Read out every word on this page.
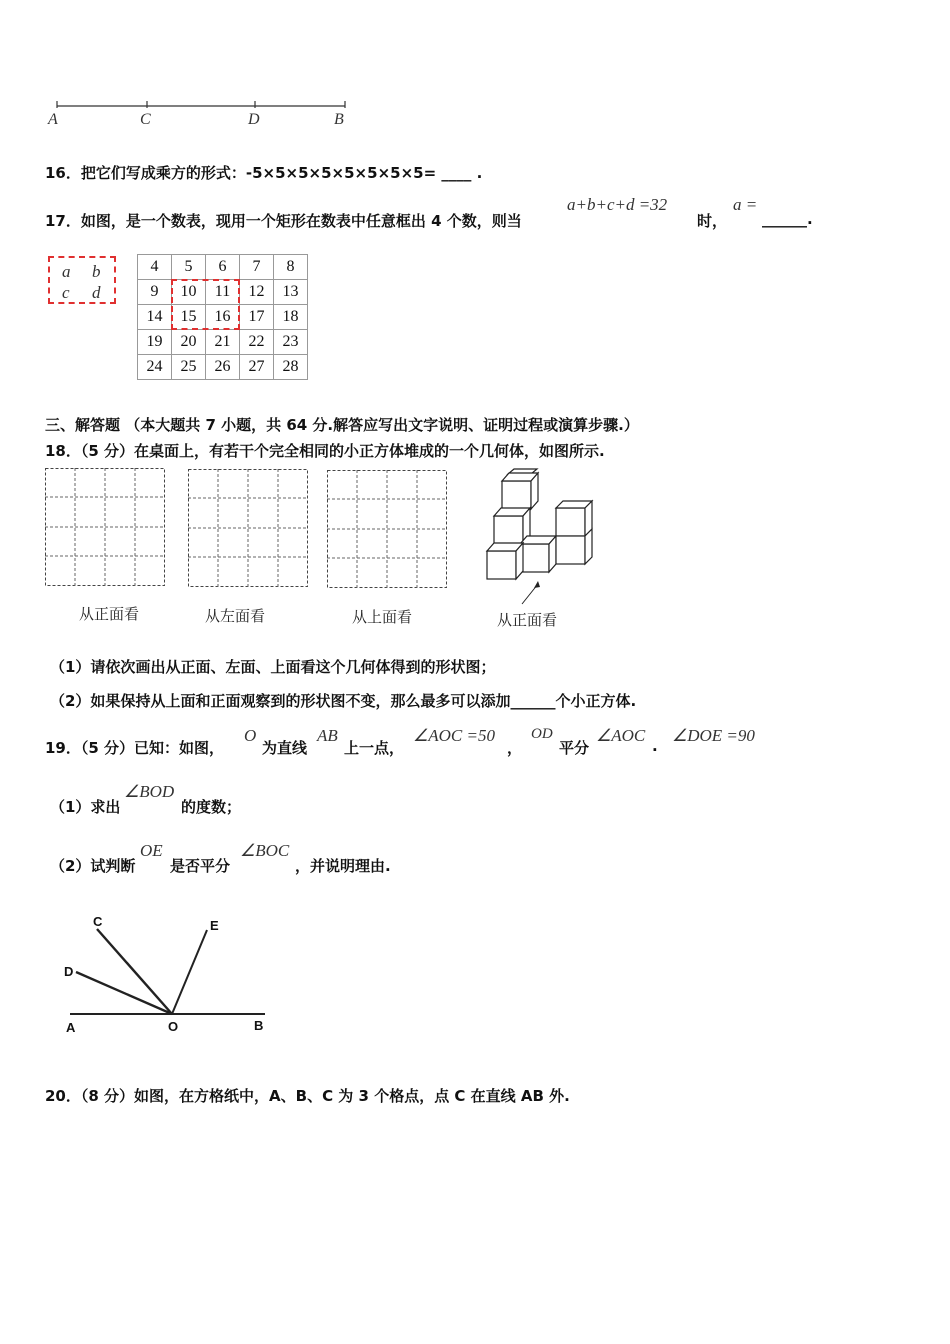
A	C	D	B
16．把它们写成乘方的形式：-5×5×5×5×5×5×5×5= ____ .
17．如图，是一个数表，现用一个矩形在数表中任意框出 4 个数，则当
a+b+c+d =32
时，
a =
______.
a b
c d
4	5	6	7	8
9	10	11	12	13
14	15	16	17	18
19	20	21	22	23
24	25	26	27	28
三、解答题 （本大题共 7 小题，共 64 分.解答应写出文字说明、证明过程或演算步骤.）
18．（5 分）在桌面上，有若干个完全相同的小正方体堆成的一个几何体，如图所示.
从正面看	从左面看	从上面看	从正面看
（1）请依次画出从正面、左面、上面看这个几何体得到的形状图；
（2）如果保持从上面和正面观察到的形状图不变，那么最多可以添加______个小正方体.
19．（5 分）已知：如图，
O
为直线
AB
上一点，
∠AOC =50
，
OD
平分
∠AOC
.
∠DOE =90
（1）求出
∠BOD
的度数；
（2）试判断
OE
是否平分
∠BOC
，并说明理由.
C	E
D
A	O	B
20．（8 分）如图，在方格纸中，A、B、C 为 3 个格点，点 C 在直线 AB 外.
